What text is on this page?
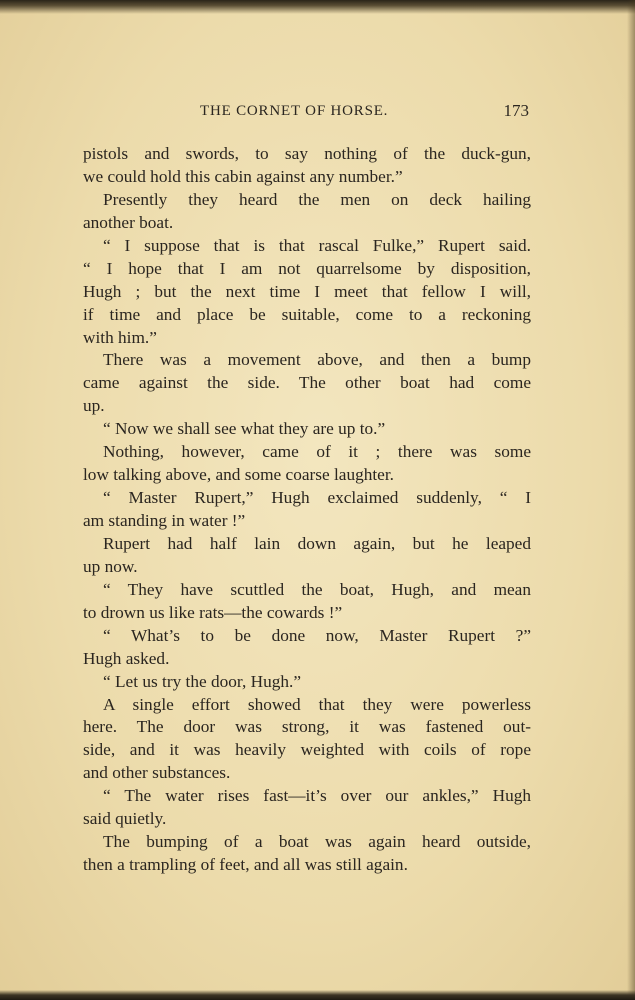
THE CORNET OF HORSE.	173
pistols and swords, to say nothing of the duck-gun,
we could hold this cabin against any number.”
Presently they heard the men on deck hailing
another boat.
“ I suppose that is that rascal Fulke,” Rupert said.
“ I hope that I am not quarrelsome by disposition,
Hugh ; but the next time I meet that fellow I will,
if time and place be suitable, come to a reckoning
with him.”
There was a movement above, and then a bump
came against the side. The other boat had come
up.
“ Now we shall see what they are up to.”
Nothing, however, came of it ; there was some
low talking above, and some coarse laughter.
“ Master Rupert,” Hugh exclaimed suddenly, “ I
am standing in water !”
Rupert had half lain down again, but he leaped
up now.
“ They have scuttled the boat, Hugh, and mean
to drown us like rats—the cowards !”
“ What’s to be done now, Master Rupert ?”
Hugh asked.
“ Let us try the door, Hugh.”
A single effort showed that they were powerless
here. The door was strong, it was fastened out-
side, and it was heavily weighted with coils of rope
and other substances.
“ The water rises fast—it’s over our ankles,” Hugh
said quietly.
The bumping of a boat was again heard outside,
then a trampling of feet, and all was still again.
